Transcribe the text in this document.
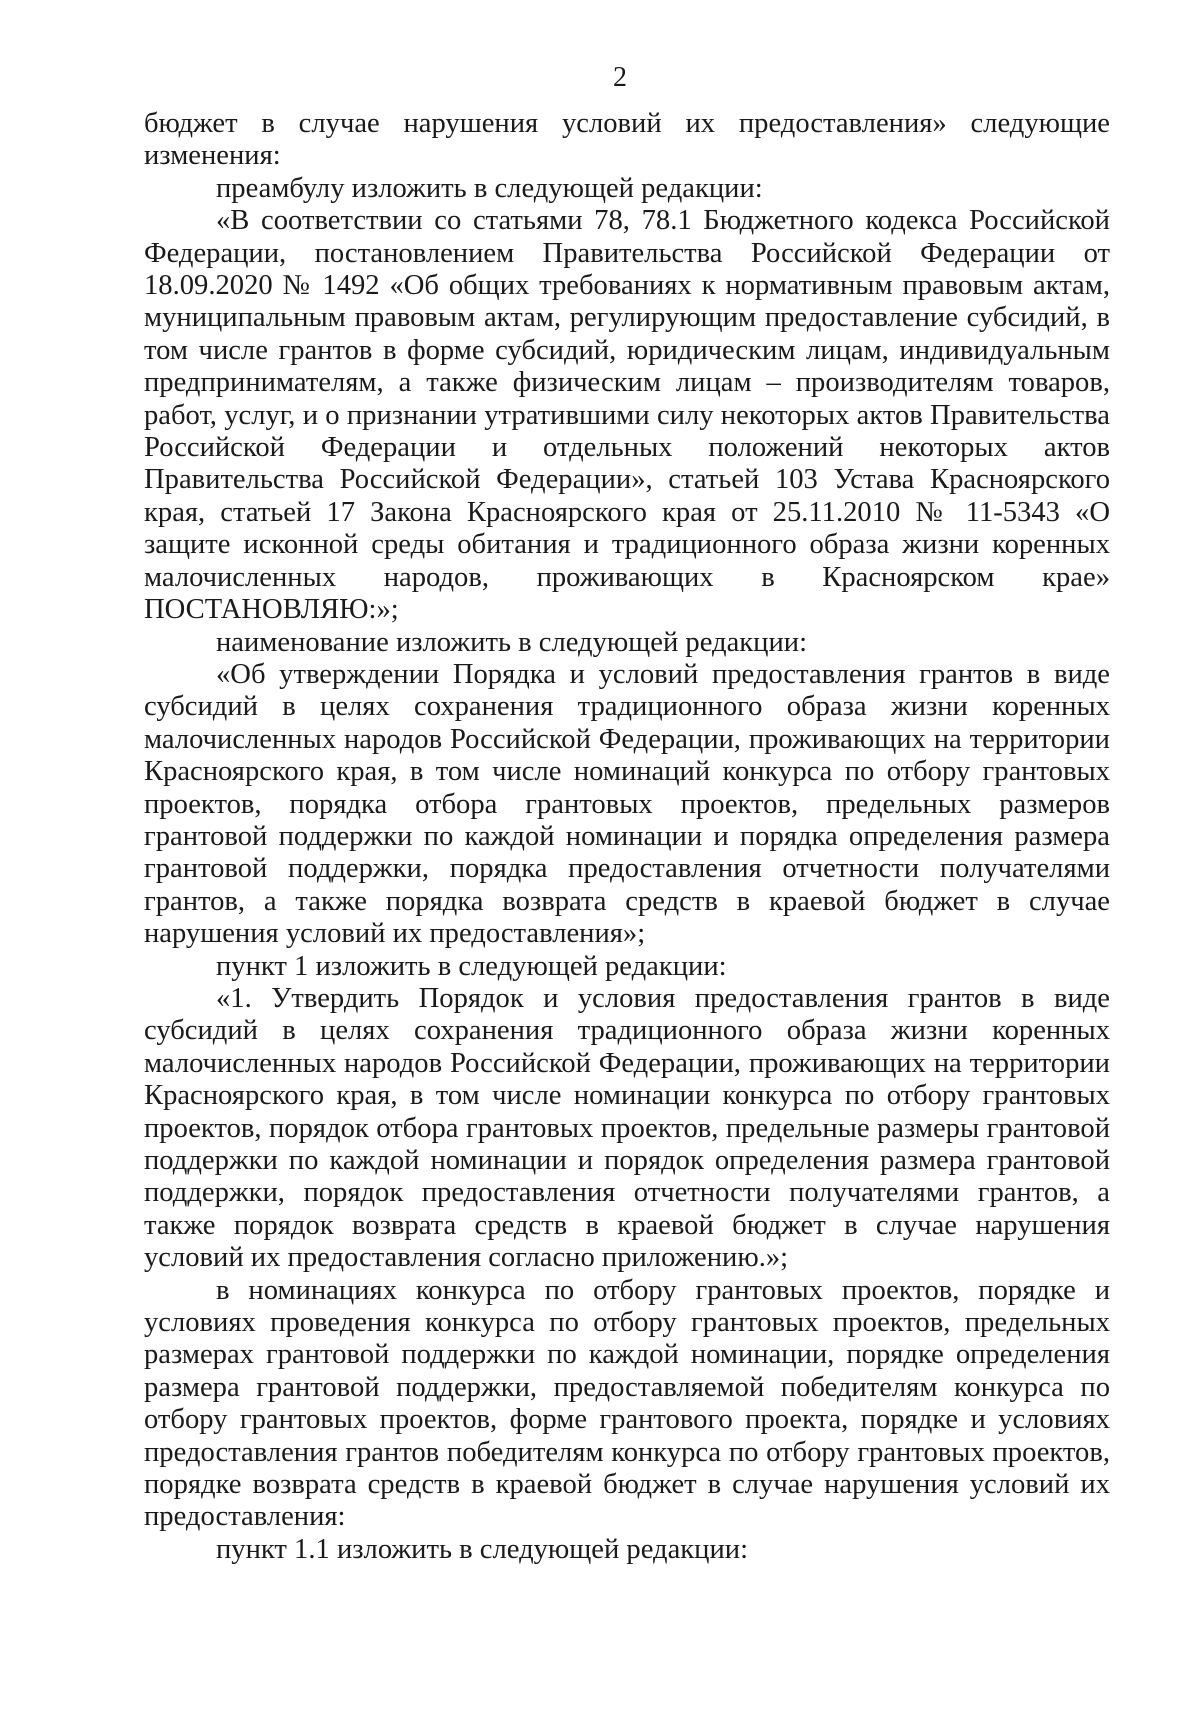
2

бюджет в случае нарушения условий их предоставления» следующие изменения:

преамбулу изложить в следующей редакции:

«В соответствии со статьями 78, 78.1 Бюджетного кодекса Российской Федерации, постановлением Правительства Российской Федерации от 18.09.2020 № 1492 «Об общих требованиях к нормативным правовым актам, муниципальным правовым актам, регулирующим предоставление субсидий, в том числе грантов в форме субсидий, юридическим лицам, индивидуальным предпринимателям, а также физическим лицам – производителям товаров, работ, услуг, и о признании утратившими силу некоторых актов Правительства Российской Федерации и отдельных положений некоторых актов Правительства Российской Федерации», статьей 103 Устава Красноярского края, статьей 17 Закона Красноярского края от 25.11.2010 № 11-5343 «О защите исконной среды обитания и традиционного образа жизни коренных малочисленных народов, проживающих в Красноярском крае» ПОСТАНОВЛЯЮ:»;

наименование изложить в следующей редакции:

«Об утверждении Порядка и условий предоставления грантов в виде субсидий в целях сохранения традиционного образа жизни коренных малочисленных народов Российской Федерации, проживающих на территории Красноярского края, в том числе номинаций конкурса по отбору грантовых проектов, порядка отбора грантовых проектов, предельных размеров грантовой поддержки по каждой номинации и порядка определения размера грантовой поддержки, порядка предоставления отчетности получателями грантов, а также порядка возврата средств в краевой бюджет в случае нарушения условий их предоставления»;

пункт 1 изложить в следующей редакции:

«1. Утвердить Порядок и условия предоставления грантов в виде субсидий в целях сохранения традиционного образа жизни коренных малочисленных народов Российской Федерации, проживающих на территории Красноярского края, в том числе номинации конкурса по отбору грантовых проектов, порядок отбора грантовых проектов, предельные размеры грантовой поддержки по каждой номинации и порядок определения размера грантовой поддержки, порядок предоставления отчетности получателями грантов, а также порядок возврата средств в краевой бюджет в случае нарушения условий их предоставления согласно приложению.»;

в номинациях конкурса по отбору грантовых проектов, порядке и условиях проведения конкурса по отбору грантовых проектов, предельных размерах грантовой поддержки по каждой номинации, порядке определения размера грантовой поддержки, предоставляемой победителям конкурса по отбору грантовых проектов, форме грантового проекта, порядке и условиях предоставления грантов победителям конкурса по отбору грантовых проектов, порядке возврата средств в краевой бюджет в случае нарушения условий их предоставления:

пункт 1.1 изложить в следующей редакции:
